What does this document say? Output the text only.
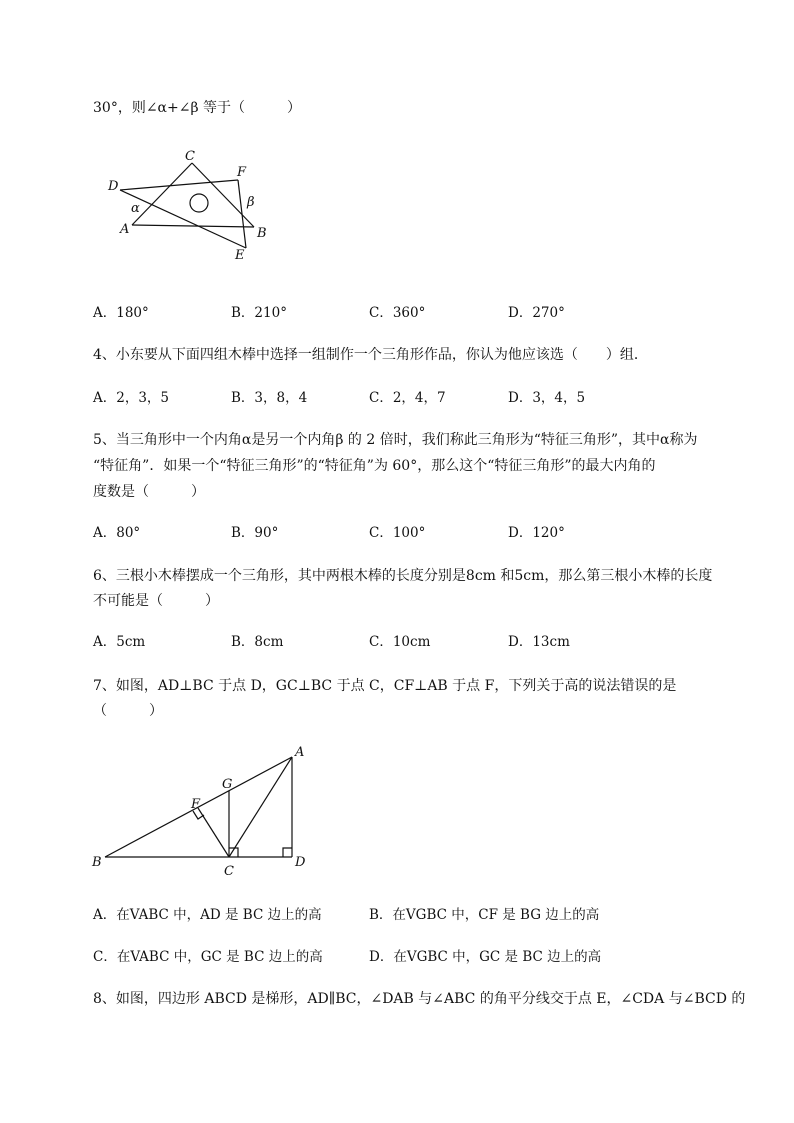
30°，则∠α+∠β 等于（　　　）
C
D
F
α	β
A	B
E
A．180°	B．210°	C．360°	D．270°
4、小东要从下面四组木棒中选择一组制作一个三角形作品，你认为他应该选（　　）组．
A．2，3，5	B．3，8，4	C．2，4，7	D．3，4，5
5、当三角形中一个内角α是另一个内角β 的 2 倍时，我们称此三角形为“特征三角形”，其中α称为
“特征角”．如果一个“特征三角形”的“特征角”为 60°，那么这个“特征三角形”的最大内角的
度数是（　　　）
A．80°	B．90°	C．100°	D．120°
6、三根小木棒摆成一个三角形，其中两根木棒的长度分别是8cm 和5cm，那么第三根小木棒的长度
不可能是（　　　）
A．5cm	B．8cm	C．10cm	D．13cm
7、如图，AD⊥BC 于点 D，GC⊥BC 于点 C，CF⊥AB 于点 F，下列关于高的说法错误的是
（　　　）
A
G
F
B
C
D
A．在VABC 中，AD 是 BC 边上的高	B．在VGBC 中，CF 是 BG 边上的高
C．在VABC 中，GC 是 BC 边上的高	D．在VGBC 中，GC 是 BC 边上的高
8、如图，四边形 ABCD 是梯形，AD∥BC，∠DAB 与∠ABC 的角平分线交于点 E，∠CDA 与∠BCD 的
